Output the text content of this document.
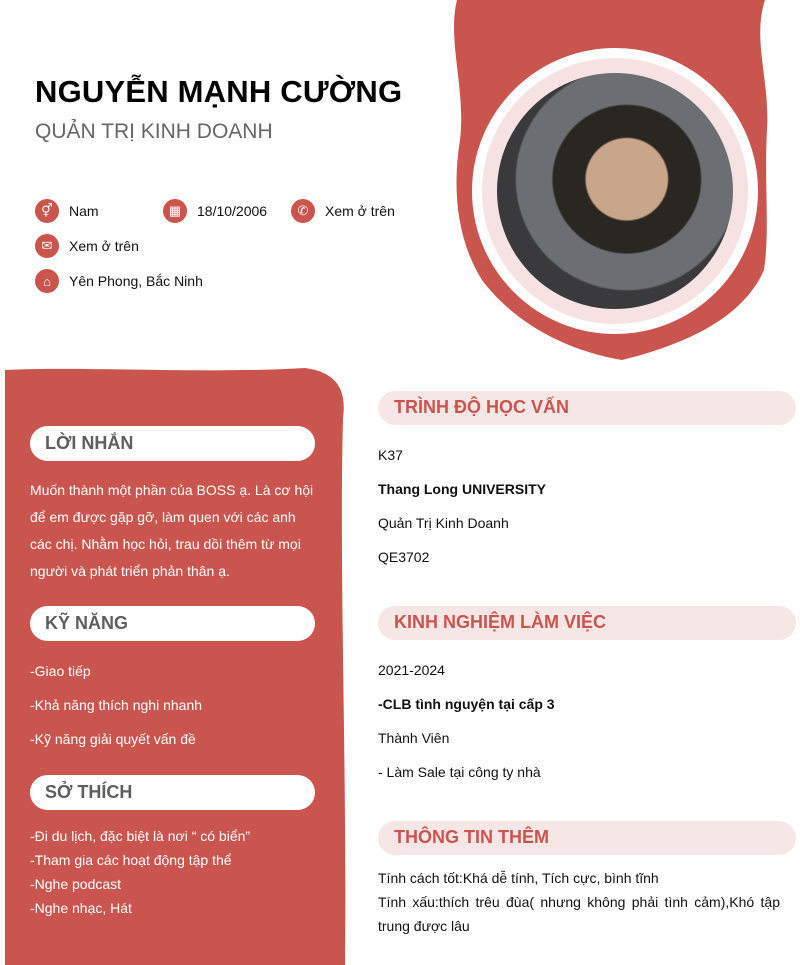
NGUYỄN MẠNH CƯỜNG
QUẢN TRỊ KINH DOANH
⚥	Nam	▦	18/10/2006	✆	Xem ở trên
✉	Xem ở trên
⌂	Yên Phong, Bắc Ninh
LỜI NHẮN
Muốn thành một phần của BOSS ạ. Là cơ hội để em được gặp gỡ, làm quen với các anh các chị. Nhằm học hỏi, trau dồi thêm từ mọi người và phát triển phản thân ạ.
KỸ NĂNG
-Giao tiếp
-Khả năng thích nghi nhanh
-Kỹ năng giải quyết vấn đề
SỞ THÍCH
-Đi du lịch, đặc biệt là nơi “ có biển”
-Tham gia các hoạt động tập thể
-Nghe podcast
-Nghe nhạc, Hát
TRÌNH ĐỘ HỌC VẤN
K37
Thang Long UNIVERSITY
Quản Trị Kinh Doanh
QE3702
KINH NGHIỆM LÀM VIỆC
2021-2024
-CLB tình nguyện tại cấp 3
Thành Viên
- Làm Sale tại công ty nhà
THÔNG TIN THÊM
Tính cách tốt:Khá dễ tính, Tích cực, bình tĩnh
Tính xấu:thích trêu đùa( nhưng không phải tình cảm),Khó tập trung được lâu
